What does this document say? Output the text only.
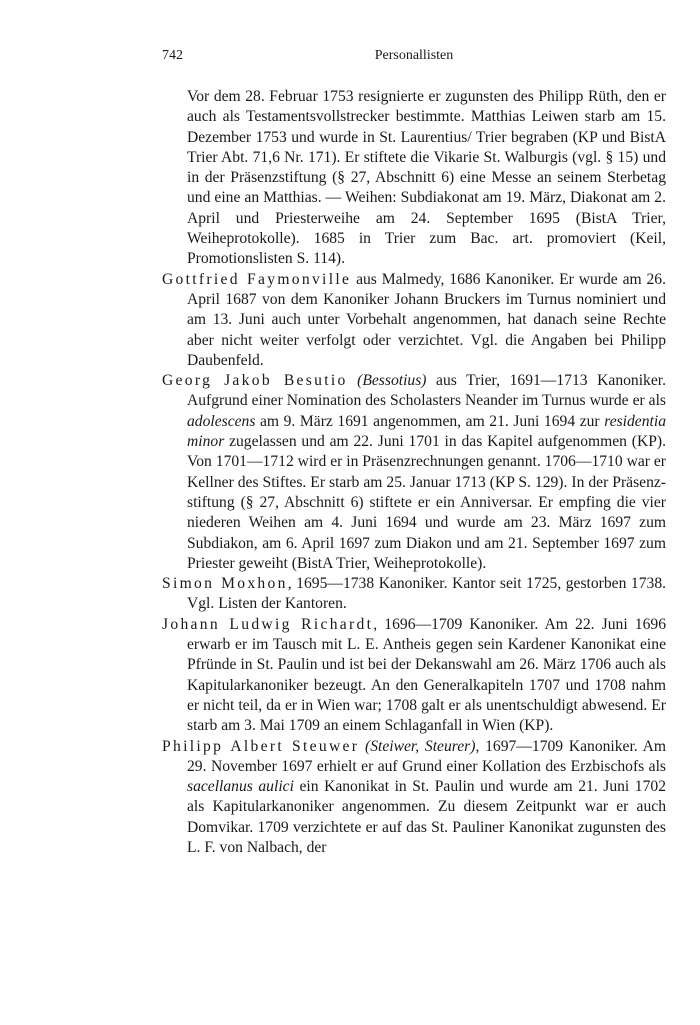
742	Personallisten

Vor dem 28. Februar 1753 resignierte er zugunsten des Philipp Rüth, den er auch als Testamentsvollstrecker bestimmte. Matthias Leiwen starb am 15. Dezember 1753 und wurde in St. Laurentius/ Trier begraben (KP und BistA Trier Abt. 71,6 Nr. 171). Er stiftete die Vikarie St. Walburgis (vgl. § 15) und in der Präsenzstiftung (§ 27, Abschnitt 6) eine Messe an seinem Sterbetag und eine an Matthias. — Weihen: Subdiakonat am 19. März, Diakonat am 2. April und Priesterweihe am 24. September 1695 (BistA Trier, Weiheprotokolle). 1685 in Trier zum Bac. art. promoviert (Keil, Promotionslisten S. 114).

Gottfried Faymonville aus Malmedy, 1686 Kanoniker. Er wurde am 26. April 1687 von dem Kanoniker Johann Bruckers im Turnus nominiert und am 13. Juni auch unter Vorbehalt angenommen, hat danach seine Rechte aber nicht weiter verfolgt oder verzichtet. Vgl. die Angaben bei Philipp Daubenfeld.

Georg Jakob Besutio (Bessotius) aus Trier, 1691—1713 Kanoniker. Aufgrund einer Nomination des Scholasters Neander im Turnus wurde er als adolescens am 9. März 1691 angenommen, am 21. Juni 1694 zur residentia minor zugelassen und am 22. Juni 1701 in das Kapitel aufgenommen (KP). Von 1701—1712 wird er in Präsenzrechnungen genannt. 1706—1710 war er Kellner des Stiftes. Er starb am 25. Januar 1713 (KP S. 129). In der Präsenzstiftung (§ 27, Abschnitt 6) stiftete er ein Anniversar. Er empfing die vier niederen Weihen am 4. Juni 1694 und wurde am 23. März 1697 zum Subdiakon, am 6. April 1697 zum Diakon und am 21. September 1697 zum Priester geweiht (BistA Trier, Weiheprotokolle).

Simon Moxhon, 1695—1738 Kanoniker. Kantor seit 1725, gestorben 1738. Vgl. Listen der Kantoren.

Johann Ludwig Richardt, 1696—1709 Kanoniker. Am 22. Juni 1696 erwarb er im Tausch mit L. E. Antheis gegen sein Kardener Kanonikat eine Pfründe in St. Paulin und ist bei der Dekanswahl am 26. März 1706 auch als Kapitularkanoniker bezeugt. An den Generalkapiteln 1707 und 1708 nahm er nicht teil, da er in Wien war; 1708 galt er als unentschuldigt abwesend. Er starb am 3. Mai 1709 an einem Schlaganfall in Wien (KP).

Philipp Albert Steuwer (Steiwer, Steurer), 1697—1709 Kanoniker. Am 29. November 1697 erhielt er auf Grund einer Kollation des Erzbischofs als sacellanus aulici ein Kanonikat in St. Paulin und wurde am 21. Juni 1702 als Kapitularkanoniker angenommen. Zu diesem Zeitpunkt war er auch Domvikar. 1709 verzichtete er auf das St. Pauliner Kanonikat zugunsten des L. F. von Nalbach, der
